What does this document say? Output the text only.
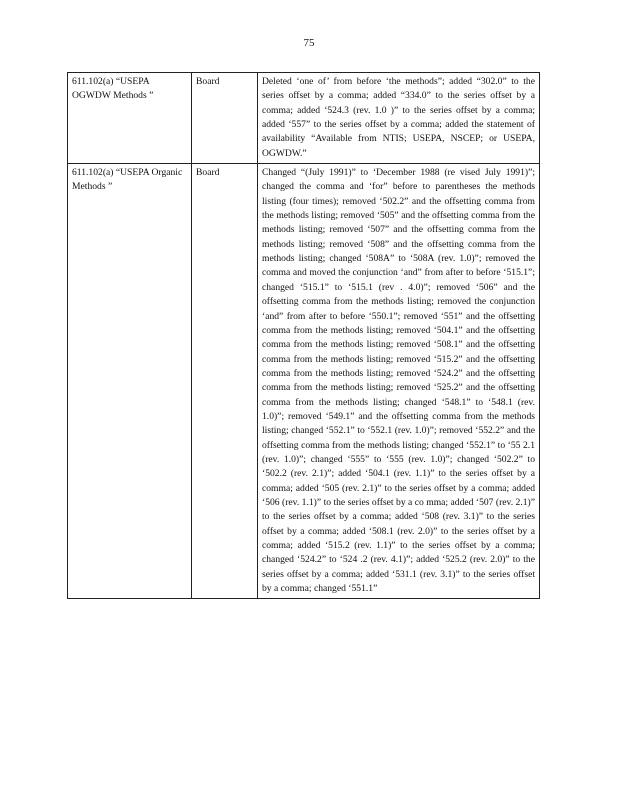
75
611.102(a) “USEPA OGWDW Methods ”	Board	Deleted ‘one of’ from before ‘the methods”; added “302.0” to the series offset by a comma; added “334.0” to the series offset by a comma; added ‘524.3 (rev. 1.0 )” to the series offset by a comma; added ‘557” to the series offset by a comma; added the statement of availability “Available from NTIS; USEPA, NSCEP; or USEPA, OGWDW.”
611.102(a) “USEPA Organic Methods ”	Board	Changed “(July 1991)” to ‘December 1988 (re vised July 1991)”; changed the comma and ‘for” before to parentheses the methods listing (four times); removed ‘502.2” and the offsetting comma from the methods listing; removed ‘505” and the offsetting comma from the methods listing; removed ‘507” and the offsetting comma from the methods listing; removed ‘508” and the offsetting comma from the methods listing; changed ‘508A” to ‘508A (rev. 1.0)”; removed the comma and moved the conjunction ‘and” from after to before ‘515.1”; changed ‘515.1” to ‘515.1 (rev . 4.0)”; removed ‘506” and the offsetting comma from the methods listing; removed the conjunction ‘and” from after to before ‘550.1”; removed ‘551” and the offsetting comma from the methods listing; removed ‘504.1” and the offsetting comma from the methods listing; removed ‘508.1” and the offsetting comma from the methods listing; removed ‘515.2” and the offsetting comma from the methods listing; removed ‘524.2” and the offsetting comma from the methods listing; removed ‘525.2” and the offsetting comma from the methods listing; changed ‘548.1” to ‘548.1 (rev. 1.0)”; removed ‘549.1” and the offsetting comma from the methods listing; changed ‘552.1” to ‘552.1 (rev. 1.0)”; removed ‘552.2” and the offsetting comma from the methods listing; changed ‘552.1” to ‘55 2.1 (rev. 1.0)”; changed ‘555” to ‘555 (rev. 1.0)”; changed ‘502.2” to ‘502.2 (rev. 2.1)”; added ‘504.1 (rev. 1.1)” to the series offset by a comma; added ‘505 (rev. 2.1)” to the series offset by a comma; added ‘506 (rev. 1.1)” to the series offset by a co mma; added ‘507 (rev. 2.1)” to the series offset by a comma; added ‘508 (rev. 3.1)” to the series offset by a comma; added ‘508.1 (rev. 2.0)” to the series offset by a comma; added ‘515.2 (rev. 1.1)” to the series offset by a comma; changed ‘524.2” to ‘524 .2 (rev. 4.1)”; added ‘525.2 (rev. 2.0)” to the series offset by a comma; added ‘531.1 (rev. 3.1)” to the series offset by a comma; changed ‘551.1”
